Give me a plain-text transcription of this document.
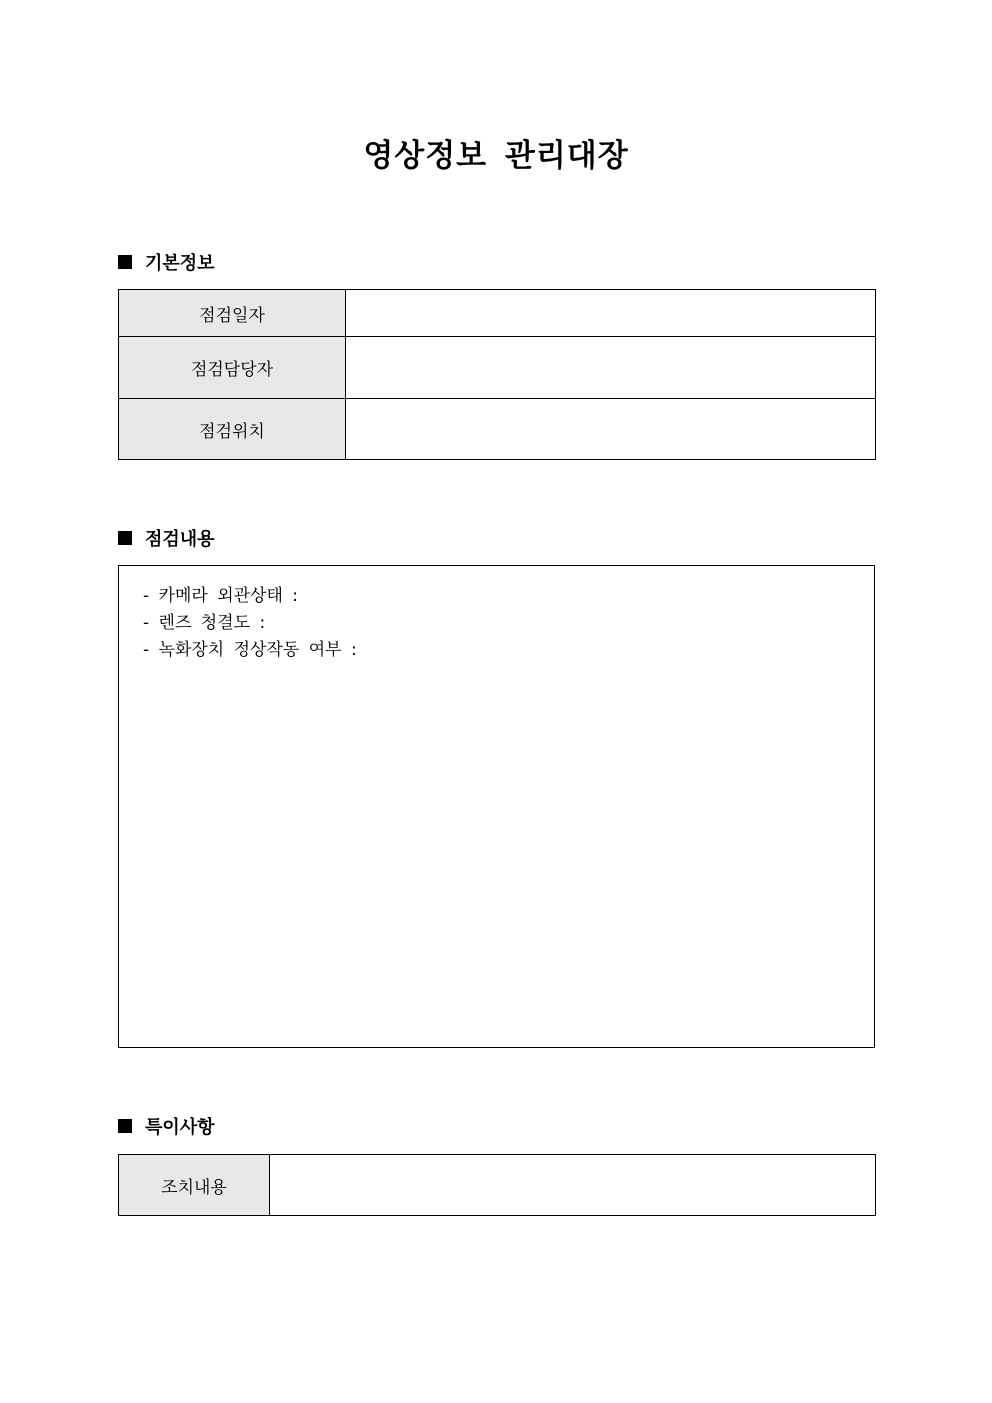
영상정보 관리대장
기본정보
점검일자	
점검담당자	
점검위치	
점검내용
- 카메라 외관상태 :
- 렌즈 청결도 :
- 녹화장치 정상작동 여부 :
특이사항
조치내용	
